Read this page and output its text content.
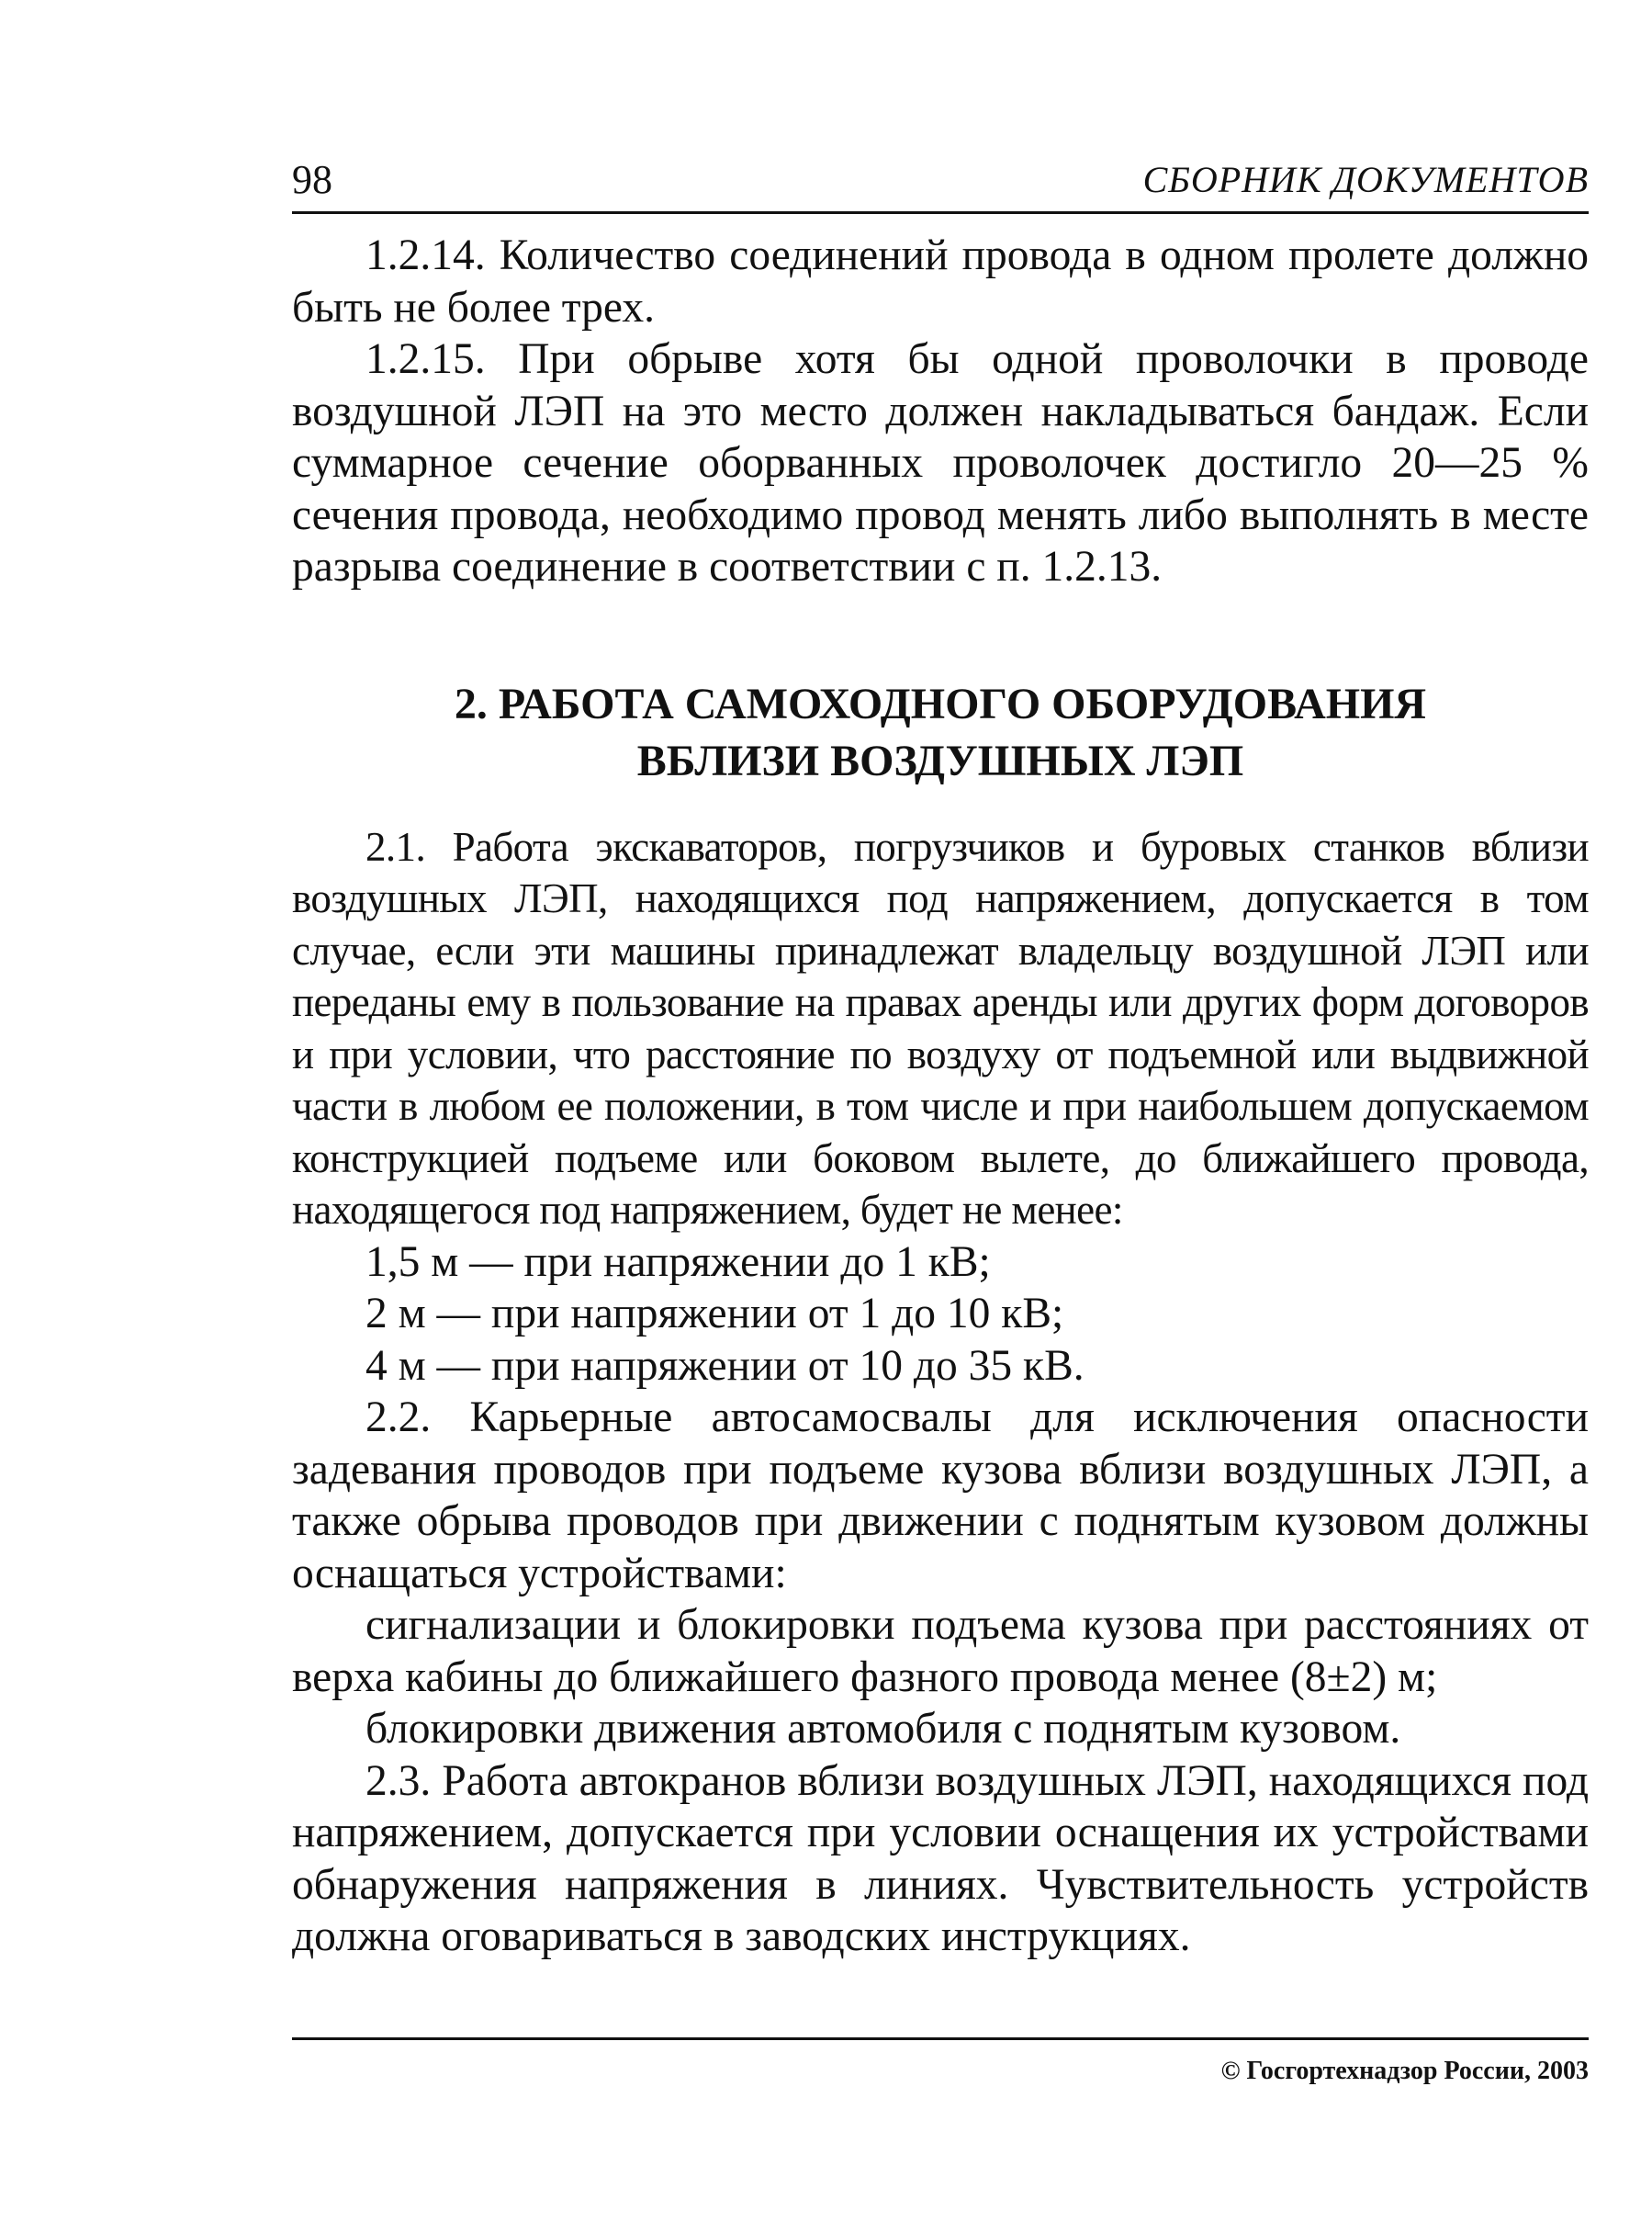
98	СБОРНИК ДОКУМЕНТОВ

1.2.14. Количество соединений провода в одном пролете должно быть не более трех.

1.2.15. При обрыве хотя бы одной проволочки в проводе воздушной ЛЭП на это место должен накладываться бандаж. Если суммарное сечение оборванных проволочек достигло 20—25 % сечения провода, необходимо провод менять либо выполнять в месте разрыва соединение в соответствии с п. 1.2.13.

2. РАБОТА САМОХОДНОГО ОБОРУДОВАНИЯ
ВБЛИЗИ ВОЗДУШНЫХ ЛЭП

2.1. Работа экскаваторов, погрузчиков и буровых станков вблизи воздушных ЛЭП, находящихся под напряжением, допускается в том случае, если эти машины принадлежат владельцу воздушной ЛЭП или переданы ему в пользование на правах аренды или других форм договоров и при условии, что расстояние по воздуху от подъемной или выдвижной части в любом ее положении, в том числе и при наибольшем допускаемом конструкцией подъеме или боковом вылете, до ближайшего провода, находящегося под напряжением, будет не менее:

1,5 м — при напряжении до 1 кВ;

2 м — при напряжении от 1 до 10 кВ;

4 м — при напряжении от 10 до 35 кВ.

2.2. Карьерные автосамосвалы для исключения опасности задевания проводов при подъеме кузова вблизи воздушных ЛЭП, а также обрыва проводов при движении с поднятым кузовом должны оснащаться устройствами:

сигнализации и блокировки подъема кузова при расстояниях от верха кабины до ближайшего фазного провода менее (8±2) м;

блокировки движения автомобиля с поднятым кузовом.

2.3. Работа автокранов вблизи воздушных ЛЭП, находящихся под напряжением, допускается при условии оснащения их устройствами обнаружения напряжения в линиях. Чувствительность устройств должна оговариваться в заводских инструкциях.

© Госгортехнадзор России, 2003
